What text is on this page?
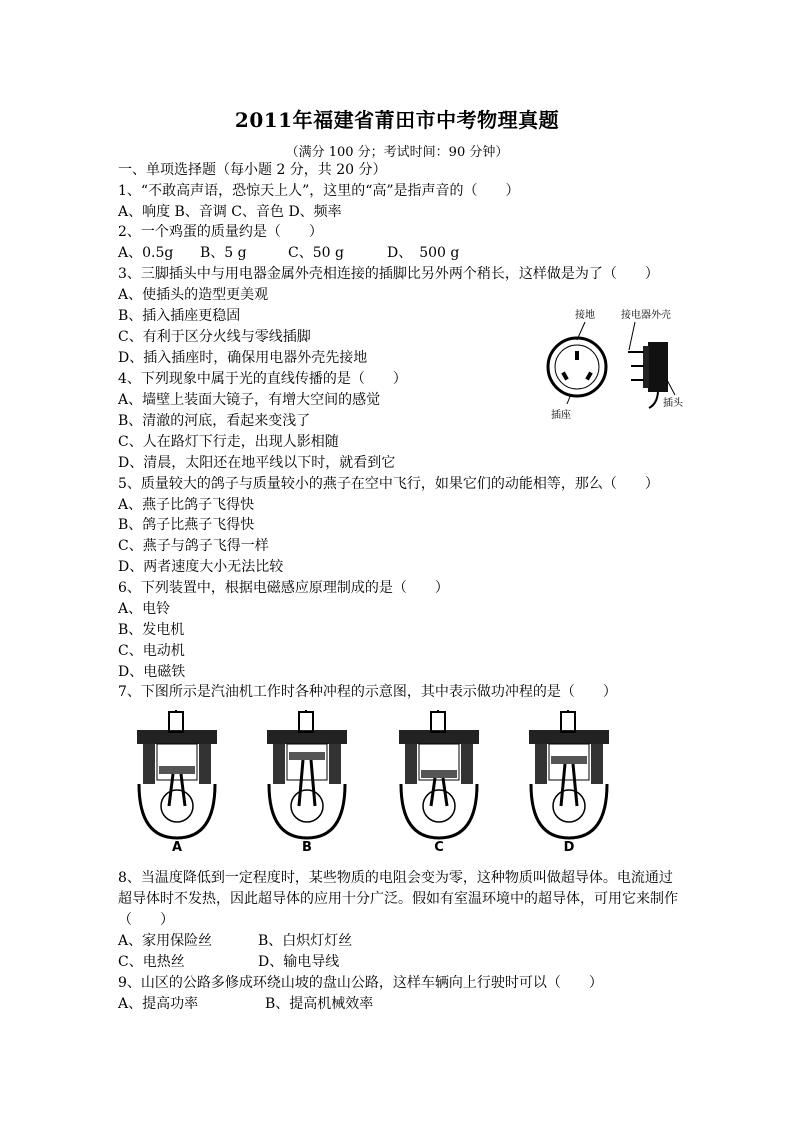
2011年福建省莆田市中考物理真题
（满分 100 分；考试时间：90 分钟）
一、单项选择题（每小题 2 分，共 20 分）
1、“不敢高声语，恐惊天上人”，这里的“高”是指声音的（　　）
A、响度 B、音调 C、音色 D、频率
2、一个鸡蛋的质量约是（　　）
A、0.5g B、5 g	C、50 g	D、　500 g
3、三脚插头中与用电器金属外壳相连接的插脚比另外两个稍长，这样做是为了（　　）
A、使插头的造型更美观
B、插入插座更稳固
C、有利于区分火线与零线插脚
D、插入插座时，确保用电器外壳先接地
接地	接电器外壳
插座
插头
4、下列现象中属于光的直线传播的是（　　）
A、墙壁上装面大镜子，有增大空间的感觉
B、清澈的河底，看起来变浅了
C、人在路灯下行走，出现人影相随
D、清晨，太阳还在地平线以下时，就看到它
5、质量较大的鸽子与质量较小的燕子在空中飞行，如果它们的动能相等，那么（　　）
A、燕子比鸽子飞得快
B、鸽子比燕子飞得快
C、燕子与鸽子飞得一样
D、两者速度大小无法比较
6、下列装置中，根据电磁感应原理制成的是（　　）
A、电铃
B、发电机
C、电动机
D、电磁铁
7、下图所示是汽油机工作时各种冲程的示意图，其中表示做功冲程的是（　　）
A	B	C	D
8、当温度降低到一定程度时，某些物质的电阻会变为零，这种物质叫做超导体。电流通过超导体时不发热，因此超导体的应用十分广泛。假如有室温环境中的超导体，可用它来制作（　　）
A、家用保险丝	B、白炽灯灯丝
C、电热丝	D、输电导线
9、山区的公路多修成环绕山坡的盘山公路，这样车辆向上行驶时可以（　　）
A、提高功率	B、提高机械效率
